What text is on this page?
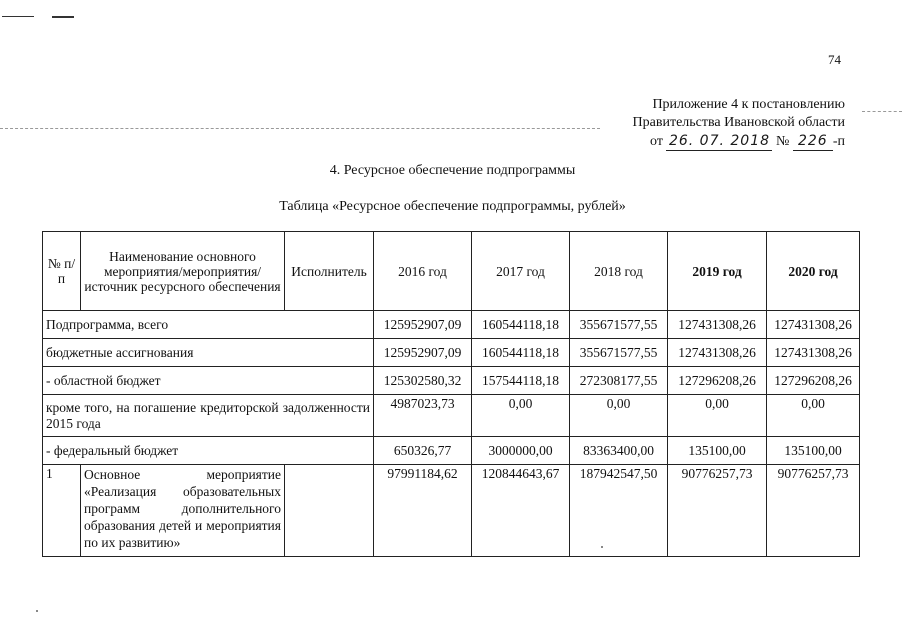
74
Приложение 4 к постановлению
Правительства Ивановской области
от 26. 07. 2018 № 226 -п
4. Ресурсное обеспечение подпрограммы
Таблица «Ресурсное обеспечение подпрограммы, рублей»
№ п/п	Наименование основного мероприятия/мероприятия/ источник ресурсного обеспечения	Исполнитель	2016 год	2017 год	2018 год	2019 год	2020 год
Подпрограмма, всего			125952907,09	160544118,18	355671577,55	127431308,26	127431308,26
бюджетные ассигнования			125952907,09	160544118,18	355671577,55	127431308,26	127431308,26
- областной бюджет			125302580,32	157544118,18	272308177,55	127296208,26	127296208,26
кроме того, на погашение кредиторской задолженности 2015 года			4987023,73	0,00	0,00	0,00	0,00
- федеральный бюджет			650326,77	3000000,00	83363400,00	135100,00	135100,00
1	Основное мероприятие «Реализация образовательных программ дополнительного образования детей и мероприятия по их развитию»		97991184,62	120844643,67	187942547,50	90776257,73	90776257,73
